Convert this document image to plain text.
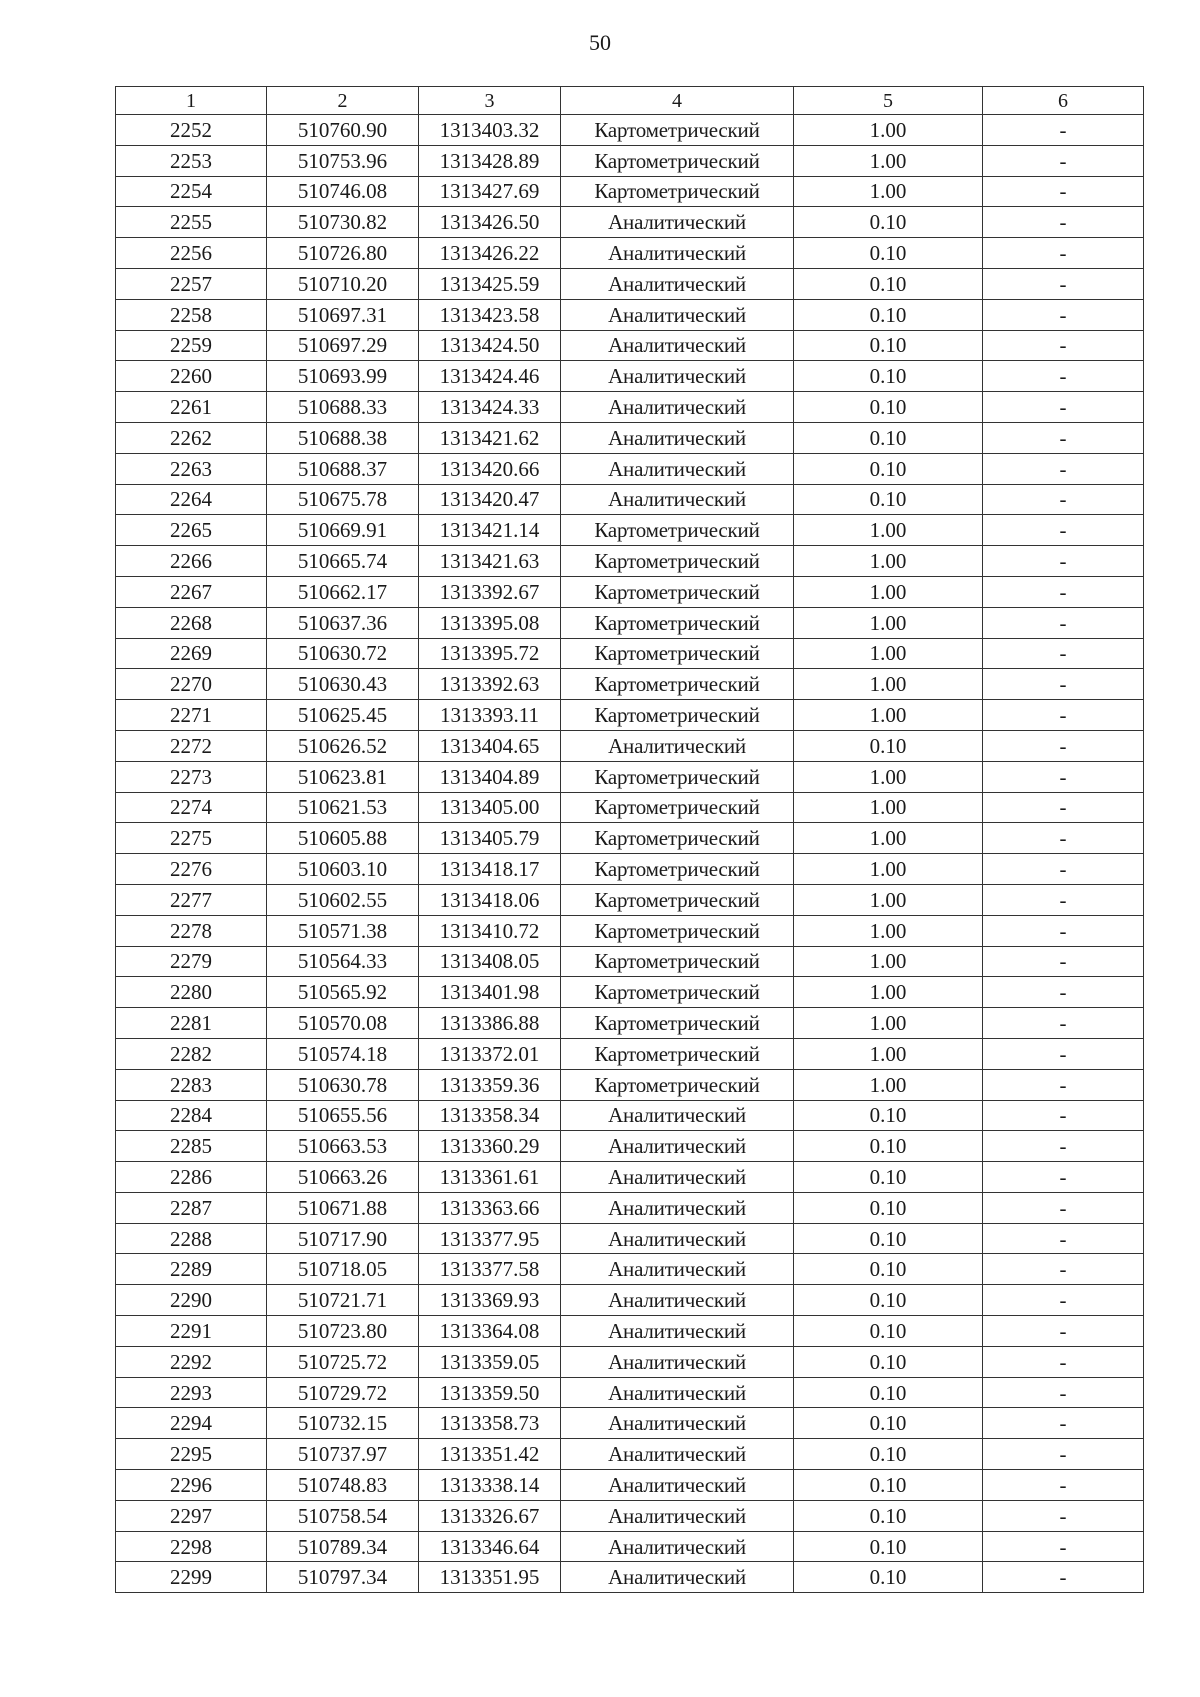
50
1	2	3	4	5	6
2252	510760.90	1313403.32	Картометрический	1.00	-
2253	510753.96	1313428.89	Картометрический	1.00	-
2254	510746.08	1313427.69	Картометрический	1.00	-
2255	510730.82	1313426.50	Аналитический	0.10	-
2256	510726.80	1313426.22	Аналитический	0.10	-
2257	510710.20	1313425.59	Аналитический	0.10	-
2258	510697.31	1313423.58	Аналитический	0.10	-
2259	510697.29	1313424.50	Аналитический	0.10	-
2260	510693.99	1313424.46	Аналитический	0.10	-
2261	510688.33	1313424.33	Аналитический	0.10	-
2262	510688.38	1313421.62	Аналитический	0.10	-
2263	510688.37	1313420.66	Аналитический	0.10	-
2264	510675.78	1313420.47	Аналитический	0.10	-
2265	510669.91	1313421.14	Картометрический	1.00	-
2266	510665.74	1313421.63	Картометрический	1.00	-
2267	510662.17	1313392.67	Картометрический	1.00	-
2268	510637.36	1313395.08	Картометрический	1.00	-
2269	510630.72	1313395.72	Картометрический	1.00	-
2270	510630.43	1313392.63	Картометрический	1.00	-
2271	510625.45	1313393.11	Картометрический	1.00	-
2272	510626.52	1313404.65	Аналитический	0.10	-
2273	510623.81	1313404.89	Картометрический	1.00	-
2274	510621.53	1313405.00	Картометрический	1.00	-
2275	510605.88	1313405.79	Картометрический	1.00	-
2276	510603.10	1313418.17	Картометрический	1.00	-
2277	510602.55	1313418.06	Картометрический	1.00	-
2278	510571.38	1313410.72	Картометрический	1.00	-
2279	510564.33	1313408.05	Картометрический	1.00	-
2280	510565.92	1313401.98	Картометрический	1.00	-
2281	510570.08	1313386.88	Картометрический	1.00	-
2282	510574.18	1313372.01	Картометрический	1.00	-
2283	510630.78	1313359.36	Картометрический	1.00	-
2284	510655.56	1313358.34	Аналитический	0.10	-
2285	510663.53	1313360.29	Аналитический	0.10	-
2286	510663.26	1313361.61	Аналитический	0.10	-
2287	510671.88	1313363.66	Аналитический	0.10	-
2288	510717.90	1313377.95	Аналитический	0.10	-
2289	510718.05	1313377.58	Аналитический	0.10	-
2290	510721.71	1313369.93	Аналитический	0.10	-
2291	510723.80	1313364.08	Аналитический	0.10	-
2292	510725.72	1313359.05	Аналитический	0.10	-
2293	510729.72	1313359.50	Аналитический	0.10	-
2294	510732.15	1313358.73	Аналитический	0.10	-
2295	510737.97	1313351.42	Аналитический	0.10	-
2296	510748.83	1313338.14	Аналитический	0.10	-
2297	510758.54	1313326.67	Аналитический	0.10	-
2298	510789.34	1313346.64	Аналитический	0.10	-
2299	510797.34	1313351.95	Аналитический	0.10	-
